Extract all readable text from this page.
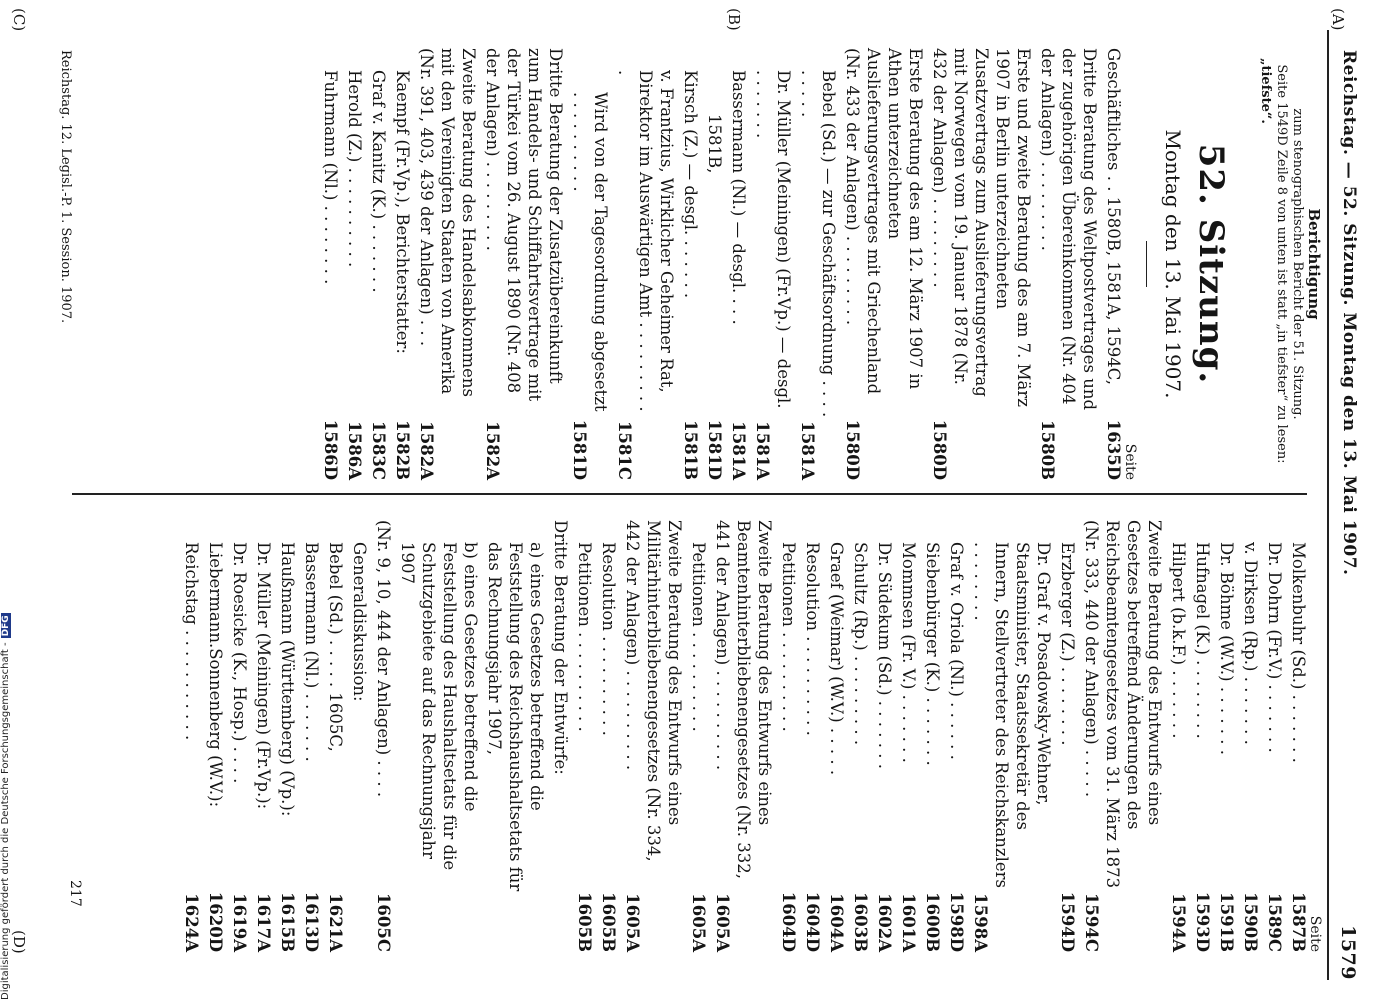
Reichstag. — 52. Sitzung. Montag den 13. Mai 1907.
1579
(A)
(B)
(C)
(D)
Berichtigung
zum stenographischen Bericht der 51. Sitzung.
Seite 1549D Zeile 8 von unten ist statt „in tiefster“ zu lesen:
„tiefste“.
52. Sitzung.
Montag den 13. Mai 1907.
Seite
Geschäftliches . . 1580B, 1581A, 1594C,
1635D
Dritte Beratung des Weltpostvertrages und der zugehörigen Übereinkommen (Nr. 404 der Anlagen) . . . . . . . . .
1580B
Erste und zweite Beratung des am 7. März 1907 in Berlin unterzeichneten Zusatzvertrags zum Auslieferungsvertrag mit Norwegen vom 19. Januar 1878 (Nr. 432 der Anlagen) . . . . . . . . .
1580D
Erste Beratung des am 12. März 1907 in Athen unterzeichneten Auslieferungsvertrages mit Griechenland (Nr. 433 der Anlagen) . . . . . . . . .
1580D
Bebel (Sd.) — zur Geschäftsordnung . . . . . . . . .
1581A
Dr. Müller (Meiningen) (Fr.Vp.) — desgl. . . . . . . .
1581A
Bassermann (Nl.) — desgl. . . .
1581A
1581B,
1581D
Kirsch (Z.) — desgl. . . . . . .
1581B
v. Frantzius, Wirklicher Geheimer Rat, Direktor im Auswärtigen Amt . . . . . . . . . .
1581C
Wird von der Tagesordnung abgesetzt . . . . . . . . . .
1581D
Dritte Beratung der Zusatzübereinkunft zum Handels- und Schiffahrtsvertrage mit der Türkei vom 26. August 1890 (Nr. 408 der Anlagen) . . . . . . . . .
1582A
Zweite Beratung des Handelsabkommens mit den Vereinigten Staaten von Amerika (Nr. 391, 403, 439 der Anlagen) . . .
1582A
Kaempf (Fr.Vp.), Berichterstatter:
1582B
Graf v. Kanitz (K.) . . . . . . .
1583C
Herold (Z.) . . . . . . . . . .
1586A
Fuhrmann (Nl.) . . . . . . . .
1586D
Seite
Molkenbuhr (Sd.) . . . . . . .
1587B
Dr. Dohrn (Fr.V.) . . . . . . .
1589C
v. Dirksen (Rp.) . . . . . . .
1590B
Dr. Böhme (W.V.) . . . . . . .
1591B
Hufnagel (K.) . . . . . . . .
1593D
Hilpert (b.k.F.) . . . . . . .
1594A
Zweite Beratung des Entwurfs eines Gesetzes betreffend Änderungen des Reichsbeamtengesetzes vom 31. März 1873 (Nr. 333, 440 der Anlagen) . . . . .
1594C
Erzberger (Z.) . . . . . . . .
1594D
Dr. Graf v. Posadowsky-Wehner, Staatsminister, Staatssekretär des Innern, Stellvertreter des Reichskanzlers . . . . . . . .
1598A
Graf v. Oriola (Nl.) . . . . . .
1598D
Siebenbürger (K.) . . . . . . .
1600B
Mommsen (Fr. V.) . . . . . . .
1601A
Dr. Südekum (Sd.) . . . . . . .
1602A
Schultz (Rp.) . . . . . . . . .
1603B
Graef (Weimar) (W.V.) . . . . .
1604A
Resolution . . . . . . . . . .
1604D
Petitionen . . . . . . . . . .
1604D
Zweite Beratung des Entwurfs eines Beamtenhinterbliebenengesetzes (Nr. 332, 441 der Anlagen) . . . . . . . . . .
1605A
Petitionen . . . . . . . . . .
1605A
Zweite Beratung des Entwurfs eines Militärhinterbliebenengesetzes (Nr. 334, 442 der Anlagen) . . . . . . . . . .
1605A
Resolution . . . . . . . . . .
1605B
Petitionen . . . . . . . . . .
1605B
Dritte Beratung der Entwürfe:
a) eines Gesetzes betreffend die Feststellung des Reichshaushaltsetats für das Rechnungsjahr 1907,
b) eines Gesetzes betreffend die Feststellung des Haushaltsetats für die Schutzgebiete auf das Rechnungsjahr 1907
(Nr. 9, 10, 444 der Anlagen) . . . .
1605C
Generaldiskussion:
Bebel (Sd.) . . . . . 1605C,
1621A
Bassermann (Nl.) . . . . . . .
1613D
Haußmann (Württemberg) (Vp.):
1615B
Dr. Müller (Meiningen) (Fr.Vp.):
1617A
Dr. Roesicke (K., Hosp.) . . . .
1619A
Liebermann.Sonnenberg (W.V.):
1620D
Reichstag . . . . . . . . . . .
1624A
Reichstag. 12. Legisl.-P. 1. Session. 1907.
217
Digitalisierung gefördert durch die Deutsche Forschungsgemeinschaft -DFG
